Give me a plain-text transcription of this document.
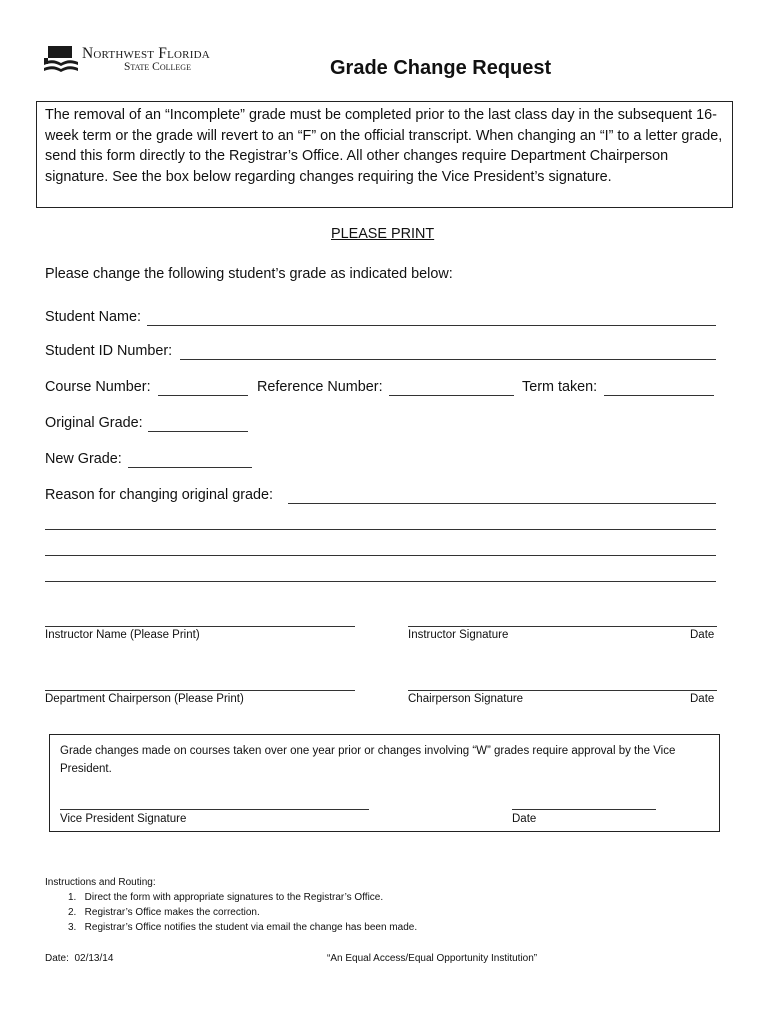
Northwest Florida
State College	Grade Change Request
The removal of an “Incomplete” grade must be completed prior to the last class day in the subsequent 16-week term or the grade will revert to an “F” on the official transcript. When changing an “I” to a letter grade, send this form directly to the Registrar’s Office. All other changes require Department Chairperson signature. See the box below regarding changes requiring the Vice President’s signature.
PLEASE PRINT
Please change the following student’s grade as indicated below:
Student Name:
Student ID Number:
Course Number:	Reference Number:	Term taken:
Original Grade:
New Grade:
Reason for changing original grade:
Instructor Name (Please Print)	Instructor Signature	Date
Department Chairperson (Please Print)	Chairperson Signature	Date
Grade changes made on courses taken over one year prior or changes involving “W” grades require approval by the Vice President.
Vice President Signature	Date
Instructions and Routing:
1.   Direct the form with appropriate signatures to the Registrar’s Office.
2.   Registrar’s Office makes the correction.
3.   Registrar’s Office notifies the student via email the change has been made.
Date:  02/13/14	“An Equal Access/Equal Opportunity Institution”
